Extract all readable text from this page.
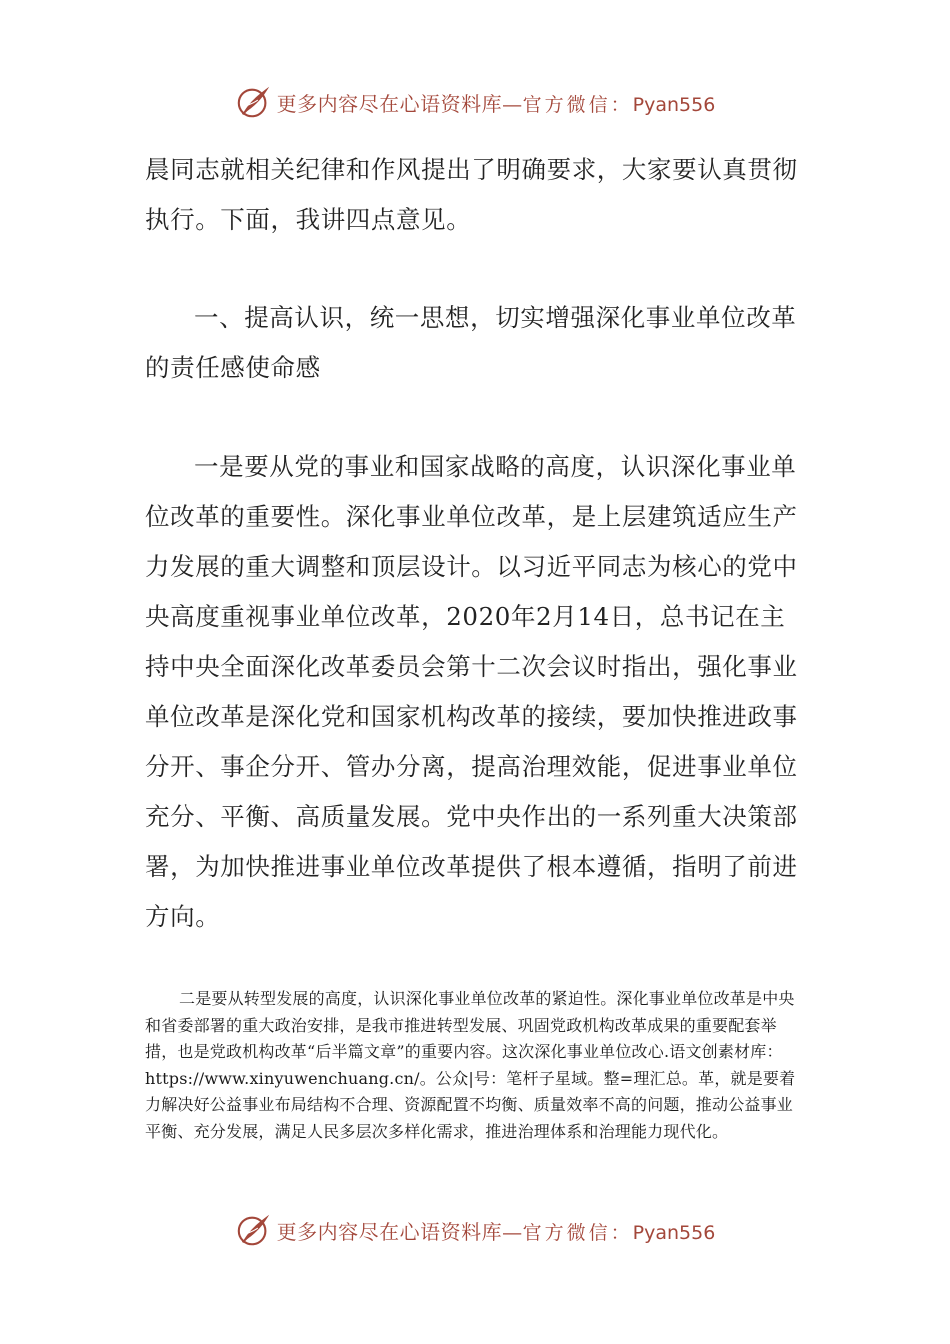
更多内容尽在心语资料库—官方微信：Pyan556

晨同志就相关纪律和作风提出了明确要求，大家要认真贯彻执行。下面，我讲四点意见。

一、提高认识，统一思想，切实增强深化事业单位改革的责任感使命感

一是要从党的事业和国家战略的高度，认识深化事业单位改革的重要性。深化事业单位改革，是上层建筑适应生产力发展的重大调整和顶层设计。以习近平同志为核心的党中央高度重视事业单位改革，2020年2月14日，总书记在主持中央全面深化改革委员会第十二次会议时指出，强化事业单位改革是深化党和国家机构改革的接续，要加快推进政事分开、事企分开、管办分离，提高治理效能，促进事业单位充分、平衡、高质量发展。党中央作出的一系列重大决策部署，为加快推进事业单位改革提供了根本遵循，指明了前进方向。

二是要从转型发展的高度，认识深化事业单位改革的紧迫性。深化事业单位改革是中央和省委部署的重大政治安排，是我市推进转型发展、巩固党政机构改革成果的重要配套举措，也是党政机构改革“后半篇文章”的重要内容。这次深化事业单位改心.语文创素材库：https://www.xinyuwenchuang.cn/。公众|号：笔杆子星域。整=理汇总。革，就是要着力解决好公益事业布局结构不合理、资源配置不均衡、质量效率不高的问题，推动公益事业平衡、充分发展，满足人民多层次多样化需求，推进治理体系和治理能力现代化。

更多内容尽在心语资料库—官方微信：Pyan556
